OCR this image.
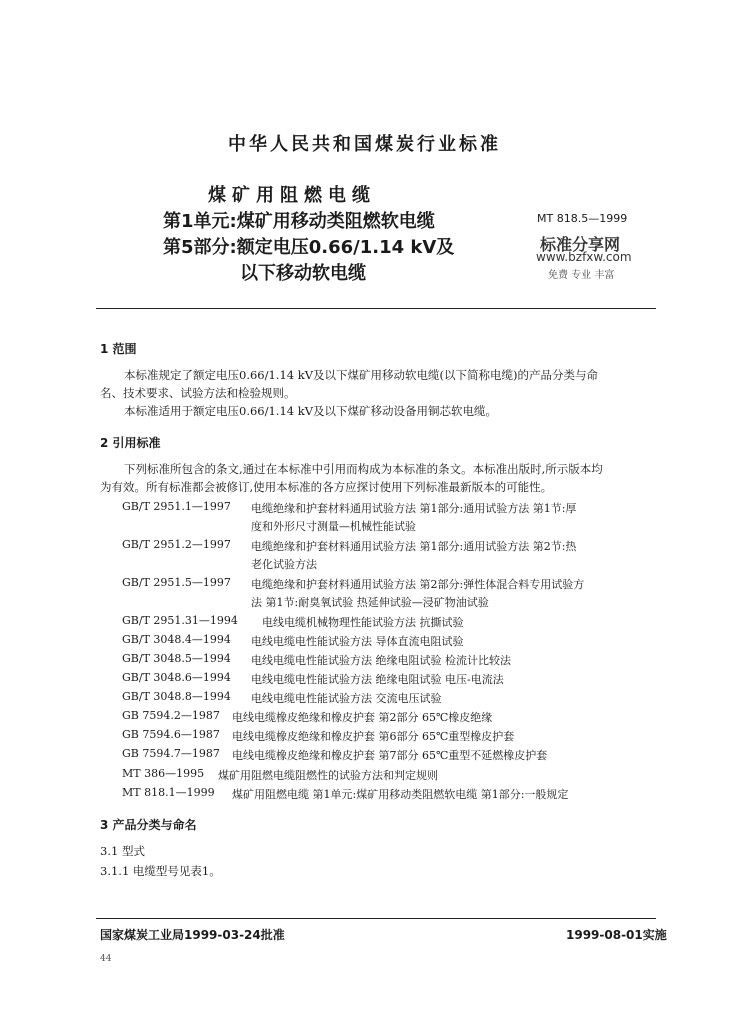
中华人民共和国煤炭行业标准
煤矿用阻燃电缆
第1单元:煤矿用移动类阻燃软电缆
第5部分:额定电压0.66/1.14 kV及
以下移动软电缆
MT 818.5—1999
标准分享网
www.bzfxw.com
免费 专业 丰富
1 范围
本标准规定了额定电压0.66/1.14 kV及以下煤矿用移动软电缆(以下简称电缆)的产品分类与命
名、技术要求、试验方法和检验规则。
本标准适用于额定电压0.66/1.14 kV及以下煤矿移动设备用铜芯软电缆。
2 引用标准
下列标准所包含的条文,通过在本标准中引用而构成为本标准的条文。本标准出版时,所示版本均
为有效。所有标准都会被修订,使用本标准的各方应探讨使用下列标准最新版本的可能性。
GB/T 2951.1—1997 电缆绝缘和护套材料通用试验方法 第1部分:通用试验方法 第1节:厚
度和外形尺寸测量—机械性能试验
GB/T 2951.2—1997 电缆绝缘和护套材料通用试验方法 第1部分:通用试验方法 第2节:热
老化试验方法
GB/T 2951.5—1997 电缆绝缘和护套材料通用试验方法 第2部分:弹性体混合料专用试验方
法 第1节:耐臭氧试验 热延伸试验—浸矿物油试验
GB/T 2951.31—1994 电线电缆机械物理性能试验方法 抗撕试验
GB/T 3048.4—1994 电线电缆电性能试验方法 导体直流电阻试验
GB/T 3048.5—1994 电线电缆电性能试验方法 绝缘电阻试验 检流计比较法
GB/T 3048.6—1994 电线电缆电性能试验方法 绝缘电阻试验 电压-电流法
GB/T 3048.8—1994 电线电缆电性能试验方法 交流电压试验
GB 7594.2—1987 电线电缆橡皮绝缘和橡皮护套 第2部分 65℃橡皮绝缘
GB 7594.6—1987 电线电缆橡皮绝缘和橡皮护套 第6部分 65℃重型橡皮护套
GB 7594.7—1987 电线电缆橡皮绝缘和橡皮护套 第7部分 65℃重型不延燃橡皮护套
MT 386—1995 煤矿用阻燃电缆阻燃性的试验方法和判定规则
MT 818.1—1999 煤矿用阻燃电缆 第1单元:煤矿用移动类阻燃软电缆 第1部分:一般规定
3 产品分类与命名
3.1 型式
3.1.1 电缆型号见表1。
国家煤炭工业局1999-03-24批准	1999-08-01实施
44
